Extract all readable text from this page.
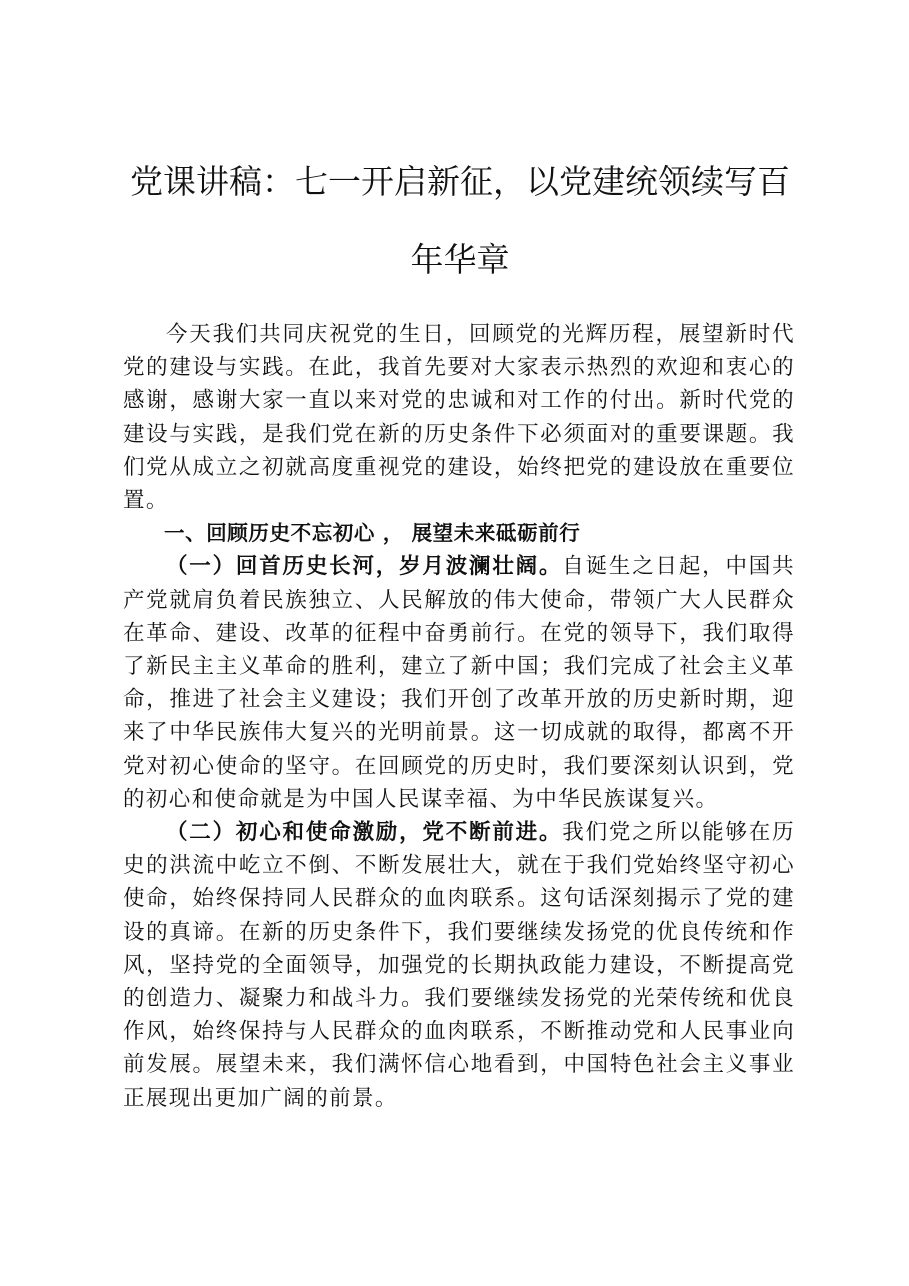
党课讲稿：七一开启新征，以党建统领续写百
年华章

今天我们共同庆祝党的生日，回顾党的光辉历程，展望新时代党的建设与实践。在此，我首先要对大家表示热烈的欢迎和衷心的感谢，感谢大家一直以来对党的忠诚和对工作的付出。新时代党的建设与实践，是我们党在新的历史条件下必须面对的重要课题。我们党从成立之初就高度重视党的建设，始终把党的建设放在重要位置。

一、回顾历史不忘初心 ， 展望未来砥砺前行

（一）回首历史长河，岁月波澜壮阔。自诞生之日起，中国共产党就肩负着民族独立、人民解放的伟大使命，带领广大人民群众在革命、建设、改革的征程中奋勇前行。在党的领导下，我们取得了新民主主义革命的胜利，建立了新中国；我们完成了社会主义革命，推进了社会主义建设；我们开创了改革开放的历史新时期，迎来了中华民族伟大复兴的光明前景。这一切成就的取得，都离不开党对初心使命的坚守。在回顾党的历史时，我们要深刻认识到，党的初心和使命就是为中国人民谋幸福、为中华民族谋复兴。

（二）初心和使命激励，党不断前进。我们党之所以能够在历史的洪流中屹立不倒、不断发展壮大，就在于我们党始终坚守初心使命，始终保持同人民群众的血肉联系。这句话深刻揭示了党的建设的真谛。在新的历史条件下，我们要继续发扬党的优良传统和作风，坚持党的全面领导，加强党的长期执政能力建设，不断提高党的创造力、凝聚力和战斗力。我们要继续发扬党的光荣传统和优良作风，始终保持与人民群众的血肉联系，不断推动党和人民事业向前发展。展望未来，我们满怀信心地看到，中国特色社会主义事业正展现出更加广阔的前景。
